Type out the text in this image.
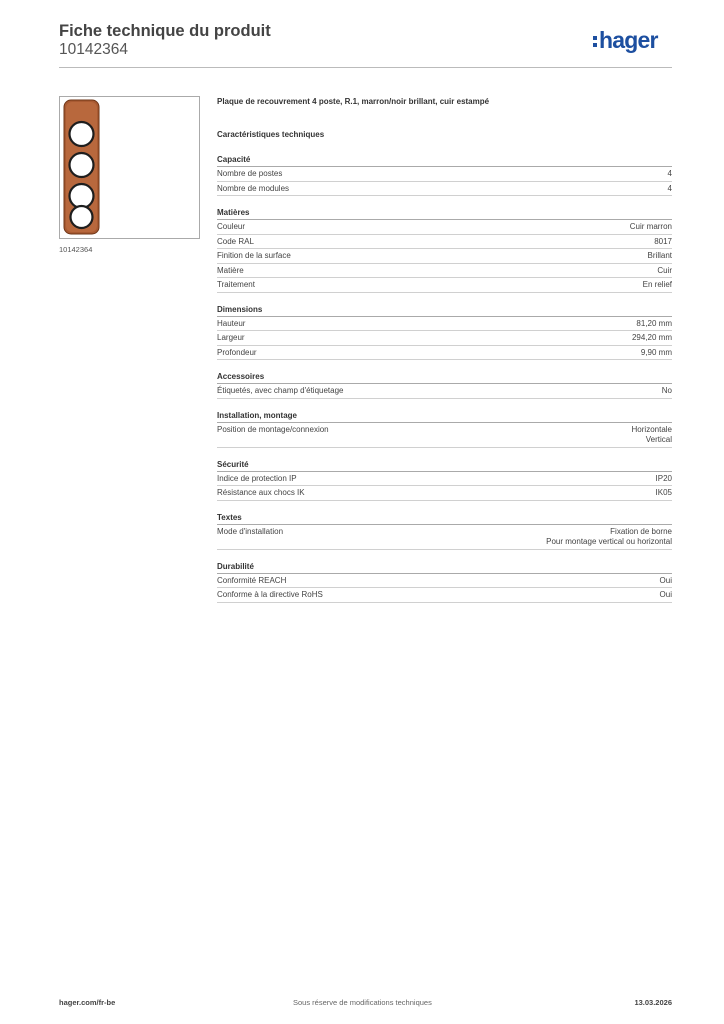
Fiche technique du produit
10142364	hager
10142364
Plaque de recouvrement 4 poste, R.1, marron/noir brillant, cuir estampé
Caractéristiques techniques
Capacité
Nombre de postes	4
Nombre de modules	4
Matières
Couleur	Cuir marron
Code RAL	8017
Finition de la surface	Brillant
Matière	Cuir
Traitement	En relief
Dimensions
Hauteur	81,20 mm
Largeur	294,20 mm
Profondeur	9,90 mm
Accessoires
Étiquetés, avec champ d'étiquetage	No
Installation, montage
Position de montage/connexion	Horizontale
Vertical
Sécurité
Indice de protection IP	IP20
Résistance aux chocs IK	IK05
Textes
Mode d'installation	Fixation de borne
Pour montage vertical ou horizontal
Durabilité
Conformité REACH	Oui
Conforme à la directive RoHS	Oui
hager.com/fr-be	Sous réserve de modifications techniques	13.03.2026
